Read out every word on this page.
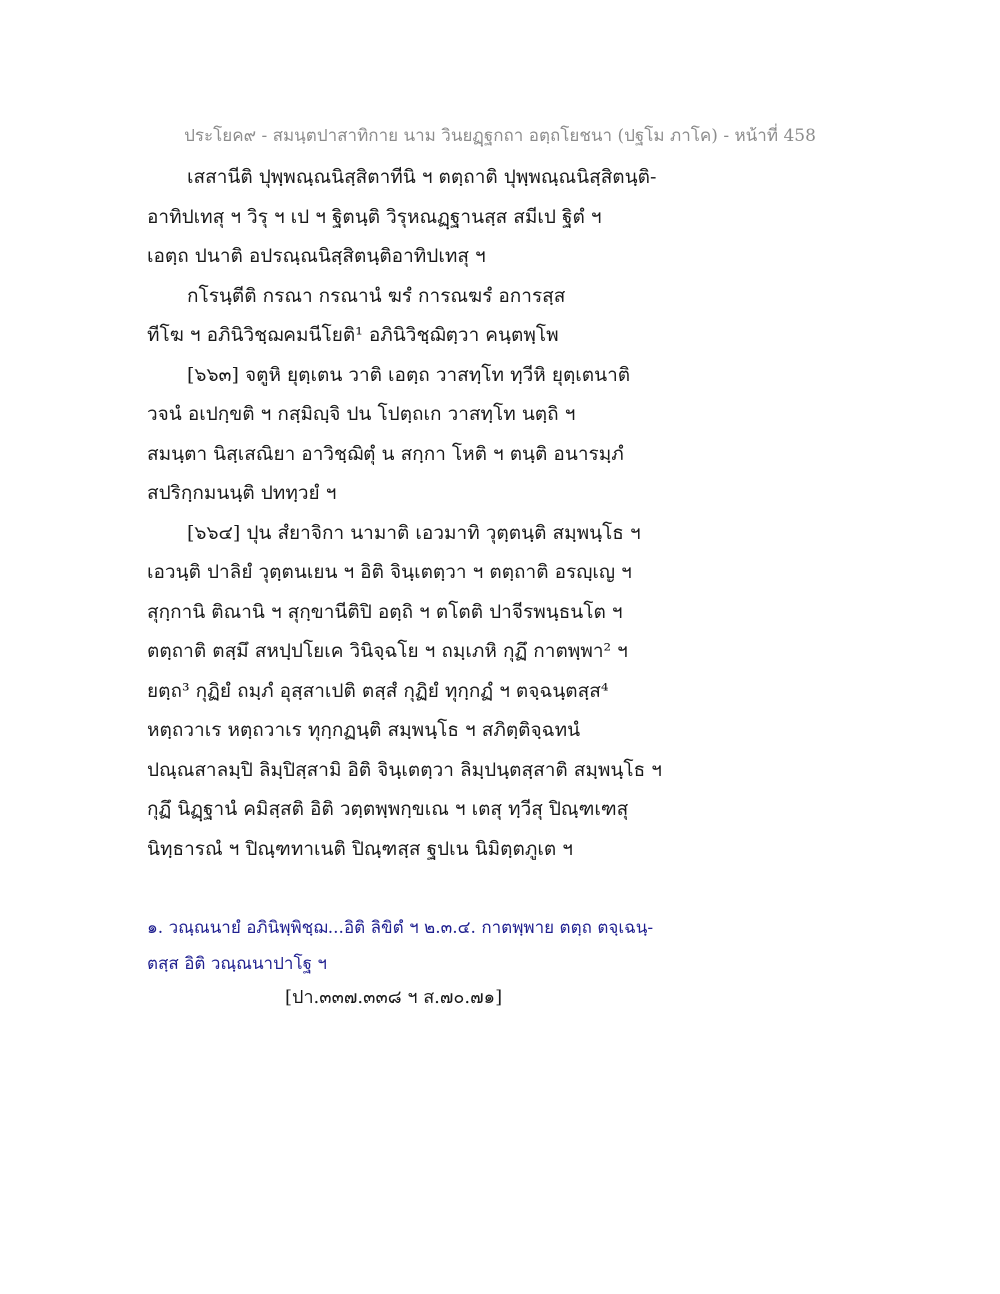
ประโยค๙ - สมนฺตปาสาทิกาย นาม วินยฏฺฐกถา อตฺถโยชนา (ปฐโม ภาโค) - หน้าที่ 458
เสสานีติ ปุพฺพณฺณนิสฺสิตาทีนิ ฯ ตตฺถาติ ปุพฺพณฺณนิสฺสิตนฺติ-
อาทิปเทสุ ฯ วิรุ ฯ เป ฯ ฐิตนฺติ วิรุหณฏฺฐานสฺส สมีเป ฐิตํ ฯ
เอตฺถ ปนาติ อปรณฺณนิสฺสิตนฺติอาทิปเทสุ ฯ
กโรนฺตีติ กรณา กรณานํ ฆรํ การณฆรํ อการสฺส
ทีโฆ ฯ อภินิวิชฺฌคมนีโยติ¹ อภินิวิชฺฌิตฺวา คนฺตพฺโพ
[๖๖๓] จตูหิ ยุตฺเตน วาติ เอตฺถ วาสทฺโท ทฺวีหิ ยุตฺเตนาติ
วจนํ อเปกฺขติ ฯ กสฺมิญฺจิ ปน โปตฺถเก วาสทฺโท นตฺถิ ฯ
สมนฺตา นิสฺเสณิยา อาวิชฺฌิตุํ น สกฺกา โหติ ฯ ตนฺติ อนารมฺภํ
สปริกฺกมนนฺติ ปททฺวยํ ฯ
[๖๖๔] ปุน สํยาจิกา นามาติ เอวมาทิ วุตฺตนฺติ สมฺพนฺโธ ฯ
เอวนฺติ ปาลิยํ วุตฺตนเยน ฯ อิติ จินฺเตตฺวา ฯ ตตฺถาติ อรญฺเญ ฯ
สุกฺกานิ ติณานิ ฯ สุกฺขานีติปิ อตฺถิ ฯ ตโตติ ปาจีรพนฺธนโต ฯ
ตตฺถาติ ตสฺมึ สหปฺปโยเค วินิจฺฉโย ฯ ถมฺเภหิ กุฏึ กาตพฺพา² ฯ
ยตฺถ³ กุฏิยํ ถมฺภํ อุสฺสาเปติ ตสฺสํ กุฏิยํ ทุกฺกฏํ ฯ ตจฺฉนฺตสฺส⁴
หตฺถวาเร หตฺถวาเร ทุกฺกฏนฺติ สมฺพนฺโธ ฯ สภิตฺติจฺฉทนํ
ปณฺณสาลมฺปิ ลิมฺปิสฺสามิ อิติ จินฺเตตฺวา ลิมฺปนฺตสฺสาติ สมฺพนฺโธ ฯ
กุฏึ นิฏฺฐานํ คมิสฺสติ อิติ วตฺตพฺพกฺขเณ ฯ เตสุ ทฺวีสุ ปิณฺฑเฑสุ
นิทฺธารณํ ฯ ปิณฺฑทาเนติ ปิณฺฑสฺส ฐปเน นิมิตฺตภูเต ฯ
๑. วณฺณนายํ อภินิพฺพิชฺฌ...อิติ ลิขิตํ ฯ ๒.๓.๔. กาตพฺพาย ตตฺถ ตจฺเฉนฺ-
ตสฺส อิติ วณฺณนาปาโฐ ฯ
[ปา.๓๓๗.๓๓๘ ฯ ส.๗๐.๗๑]
